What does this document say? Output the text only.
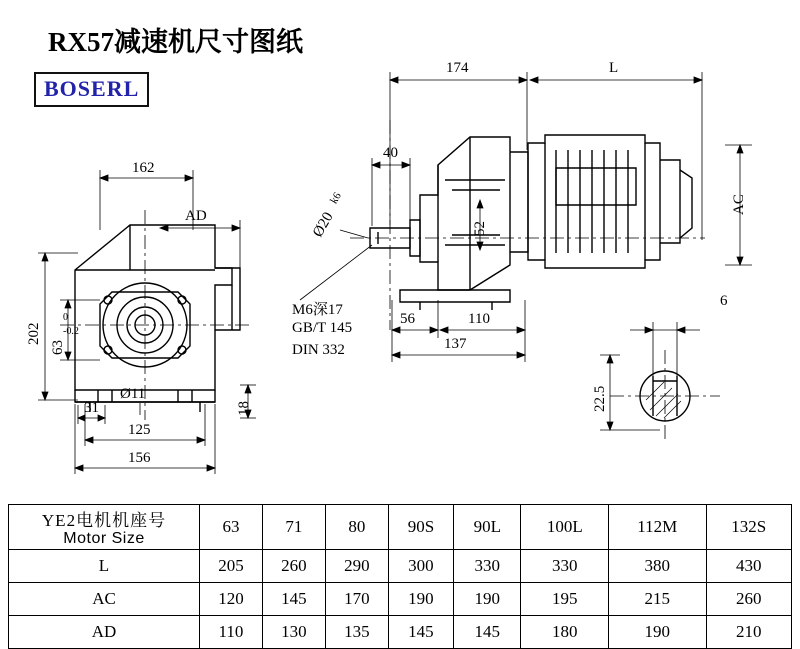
RX57减速机尺寸图纸
BOSERL
162
AD
202
63
0
-0.2
31
Ø11
125
156
18
174	L
40
Ø20
k6
52
AC
M6深17
GB/T 145
DIN 332
56	110
137
6
22.5
YE2电机机座号
Motor Size	63	71	80	90S	90L	100L	112M	132S
L	205	260	290	300	330	330	380	430
AC	120	145	170	190	190	195	215	260
AD	110	130	135	145	145	180	190	210
